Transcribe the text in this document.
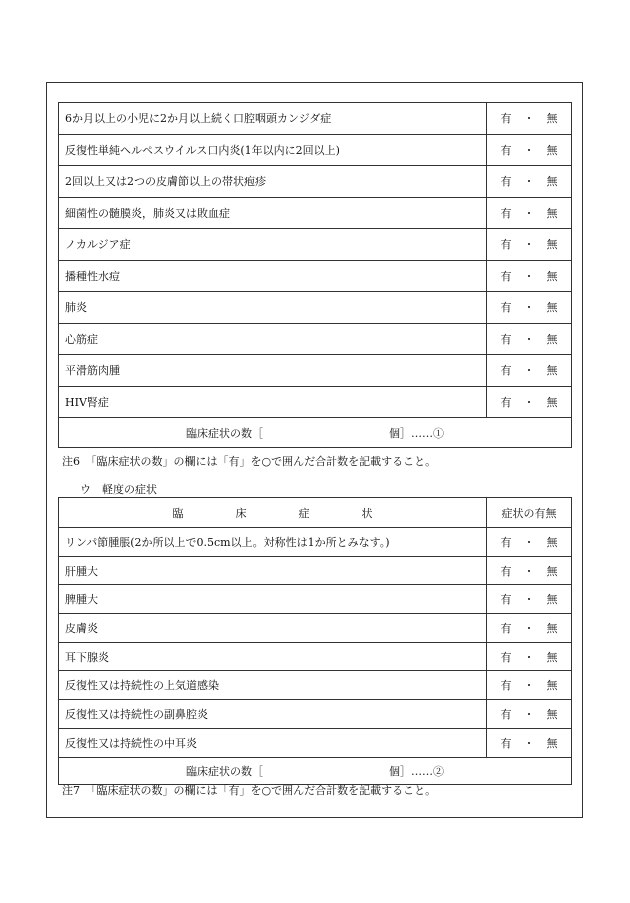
6か月以上の小児に2か月以上続く口腔咽頭カンジダ症	有 ・ 無
反復性単純ヘルペスウイルス口内炎(1年以内に2回以上)	有 ・ 無
2回以上又は2つの皮膚節以上の帯状疱疹	有 ・ 無
細菌性の髄膜炎，肺炎又は敗血症	有 ・ 無
ノカルジア症	有 ・ 無
播種性水痘	有 ・ 無
肺炎	有 ・ 無
心筋症	有 ・ 無
平滑筋肉腫	有 ・ 無
HIV腎症	有 ・ 無
臨床症状の数［ 個］……①	
注6　「臨床症状の数」の欄には「有」を○で囲んだ合計数を記載すること。
ウ　軽度の症状
臨床症状	症状の有無
リンパ節腫脹(2か所以上で0.5cm以上。対称性は1か所とみなす。)	有 ・ 無
肝腫大	有 ・ 無
脾腫大	有 ・ 無
皮膚炎	有 ・ 無
耳下腺炎	有 ・ 無
反復性又は持続性の上気道感染	有 ・ 無
反復性又は持続性の副鼻腔炎	有 ・ 無
反復性又は持続性の中耳炎	有 ・ 無
臨床症状の数［ 個］……②	
注7　「臨床症状の数」の欄には「有」を○で囲んだ合計数を記載すること。
